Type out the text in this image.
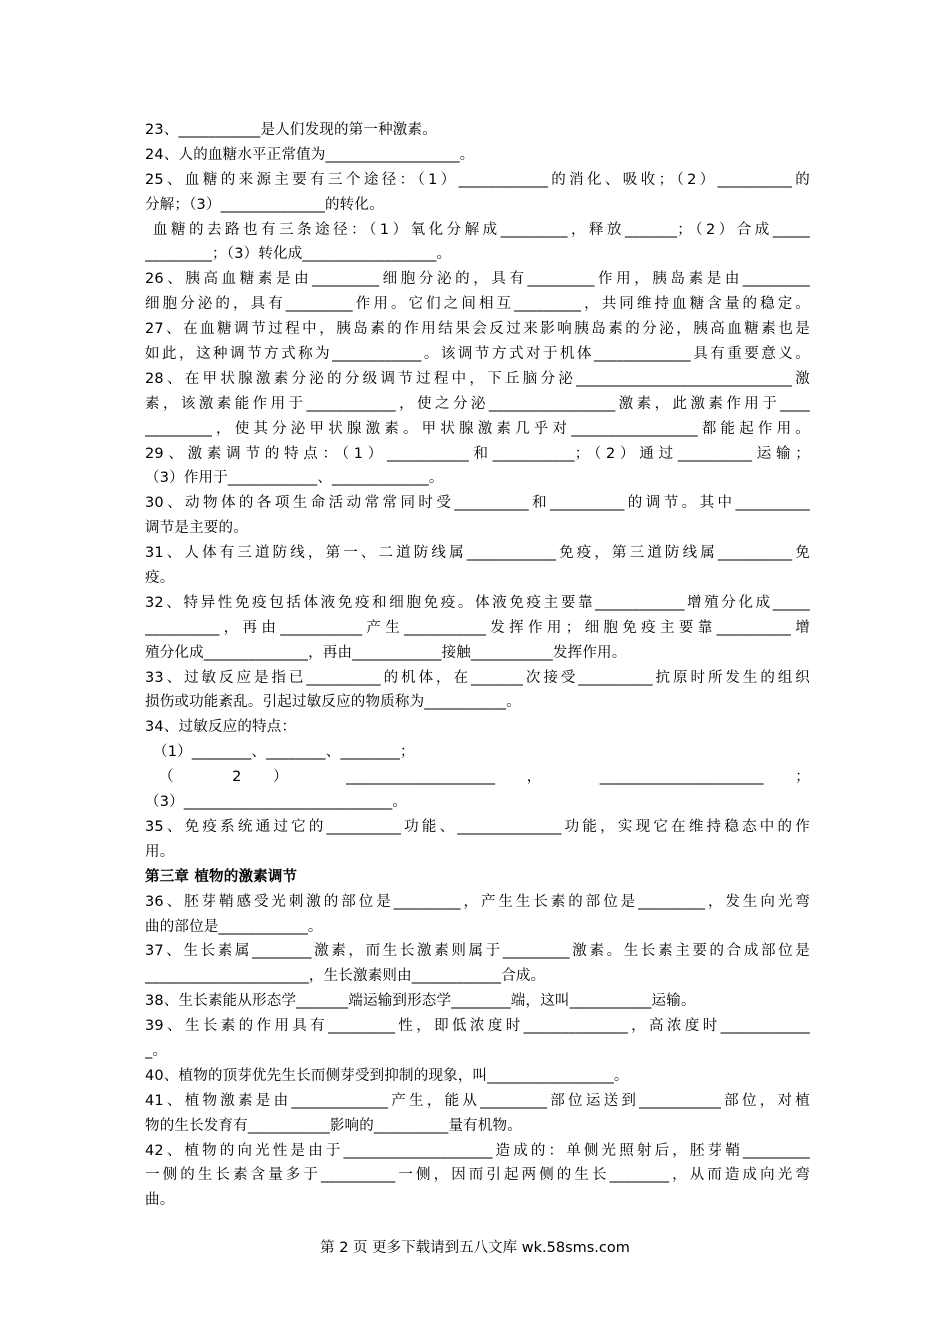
23、___________是人们发现的第一种激素。
24、人的血糖水平正常值为__________________。
25、血糖的来源主要有三个途径：（1）____________的消化、吸收；（2）__________的
分解；（3）______________的转化。
血糖的去路也有三条途径：（1）氧化分解成_________，释放_______；（2）合成_____
_________；（3）转化成__________________。
26、胰高血糖素是由_________细胞分泌的，具有_________作用，胰岛素是由_________
细胞分泌的，具有_________作用。它们之间相互_________，共同维持血糖含量的稳定。
27、在血糖调节过程中，胰岛素的作用结果会反过来影响胰岛素的分泌，胰高血糖素也是
如此，这种调节方式称为____________。该调节方式对于机体_____________具有重要意义。
28、在甲状腺激素分泌的分级调节过程中，下丘脑分泌_____________________________激
素，该激素能作用于____________，使之分泌_________________激素，此激素作用于____
_________，使其分泌甲状腺激素。甲状腺激素几乎对_________________都能起作用。
29、激素调节的特点：（1）___________和___________；（2）通过__________运输；
（3）作用于____________、_____________。
30、动物体的各项生命活动常常同时受__________和__________的调节。其中__________
调节是主要的。
31、人体有三道防线，第一、二道防线属____________免疫，第三道防线属__________免
疫。
32、特异性免疫包括体液免疫和细胞免疫。体液免疫主要靠____________增殖分化成_____
__________，再由___________产生___________发挥作用；细胞免疫主要靠__________增
殖分化成______________，再由____________接触___________发挥作用。
33、过敏反应是指已__________的机体，在_______次接受__________抗原时所发生的组织
损伤或功能紊乱。引起过敏反应的物质称为___________。
34、过敏反应的特点：
（1）________、________、________；
（ 2 ） ____________________ ， ______________________ ；
（3）____________________________。
35、免疫系统通过它的__________功能、______________功能，实现它在维持稳态中的作
用。
第三章 植物的激素调节
36、胚芽鞘感受光刺激的部位是_________，产生生长素的部位是_________，发生向光弯
曲的部位是____________。
37、生长素属________激素，而生长激素则属于_________激素。生长素主要的合成部位是
______________________，生长激素则由____________合成。
38、生长素能从形态学_______端运输到形态学________端，这叫___________运输。
39、生长素的作用具有_________性，即低浓度时______________，高浓度时____________
_。
40、植物的顶芽优先生长而侧芽受到抑制的现象，叫_________________。
41、植物激素是由_____________产生，能从_________部位运送到___________部位，对植
物的生长发育有___________影响的__________量有机物。
42、植物的向光性是由于____________________造成的：单侧光照射后，胚芽鞘_________
一侧的生长素含量多于__________一侧，因而引起两侧的生长________，从而造成向光弯
曲。
第 2 页 更多下载请到五八文库 wk.58sms.com
